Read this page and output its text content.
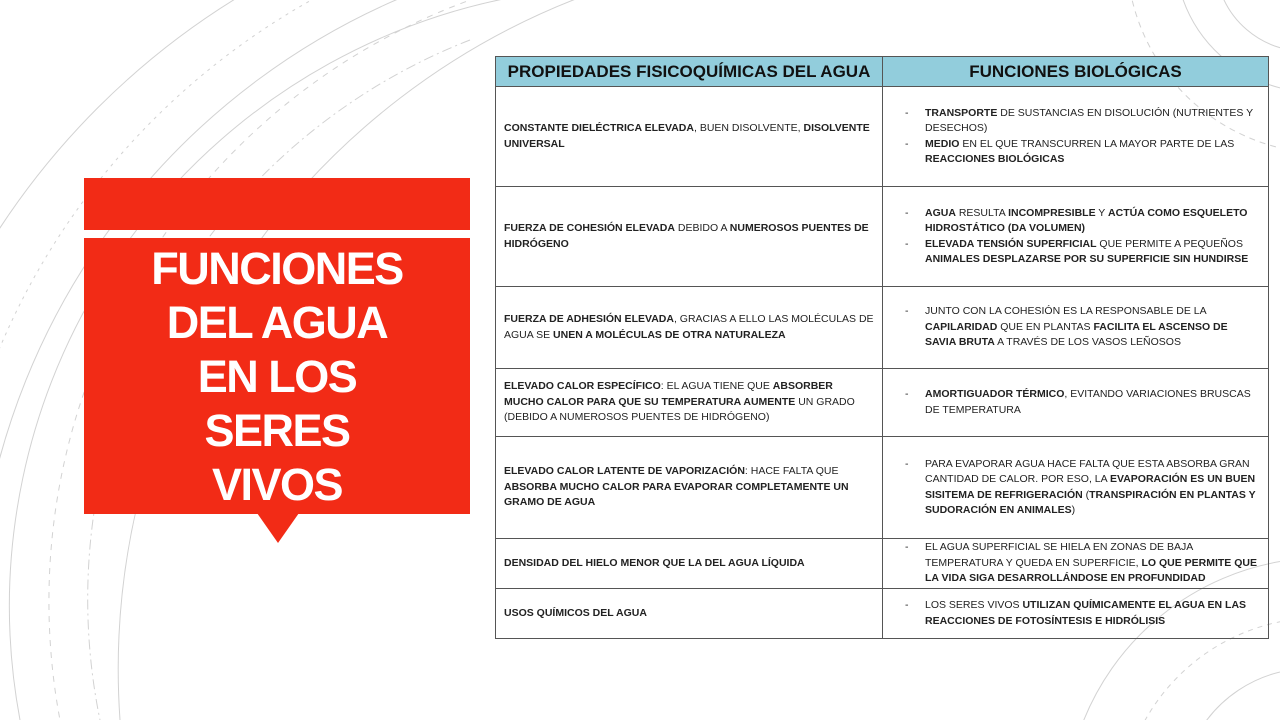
FUNCIONES
DEL AGUA
EN LOS
SERES
VIVOS
PROPIEDADES FISICOQUÍMICAS DEL AGUA	FUNCIONES BIOLÓGICAS

CONSTANTE DIELÉCTRICA ELEVADA, BUEN DISOLVENTE, DISOLVENTE UNIVERSAL	- TRANSPORTE DE SUSTANCIAS EN DISOLUCIÓN (NUTRIENTES Y DESECHOS)
- MEDIO EN EL QUE TRANSCURREN LA MAYOR PARTE DE LAS REACCIONES BIOLÓGICAS

FUERZA DE COHESIÓN ELEVADA DEBIDO A NUMEROSOS PUENTES DE HIDRÓGENO	- AGUA RESULTA INCOMPRESIBLE Y ACTÚA COMO ESQUELETO HIDROSTÁTICO (DA VOLUMEN)
- ELEVADA TENSIÓN SUPERFICIAL QUE PERMITE A PEQUEÑOS ANIMALES DESPLAZARSE POR SU SUPERFICIE SIN HUNDIRSE

FUERZA DE ADHESIÓN ELEVADA, GRACIAS A ELLO LAS MOLÉCULAS DE AGUA SE UNEN A MOLÉCULAS DE OTRA NATURALEZA	- JUNTO CON LA COHESIÓN ES LA RESPONSABLE DE LA CAPILARIDAD QUE EN PLANTAS FACILITA EL ASCENSO DE SAVIA BRUTA A TRAVÉS DE LOS VASOS LEÑOSOS

ELEVADO CALOR ESPECÍFICO: EL AGUA TIENE QUE ABSORBER MUCHO CALOR PARA QUE SU TEMPERATURA AUMENTE UN GRADO (DEBIDO A NUMEROSOS PUENTES DE HIDRÓGENO)	- AMORTIGUADOR TÉRMICO, EVITANDO VARIACIONES BRUSCAS DE TEMPERATURA

ELEVADO CALOR LATENTE DE VAPORIZACIÓN: HACE FALTA QUE ABSORBA MUCHO CALOR PARA EVAPORAR COMPLETAMENTE UN GRAMO DE AGUA	- PARA EVAPORAR AGUA HACE FALTA QUE ESTA ABSORBA GRAN CANTIDAD DE CALOR. POR ESO, LA EVAPORACIÓN ES UN BUEN SISITEMA DE REFRIGERACIÓN (TRANSPIRACIÓN EN PLANTAS Y SUDORACIÓN EN ANIMALES)

DENSIDAD DEL HIELO MENOR QUE LA DEL AGUA LÍQUIDA	- EL AGUA SUPERFICIAL SE HIELA EN ZONAS DE BAJA TEMPERATURA Y QUEDA EN SUPERFICIE, LO QUE PERMITE QUE LA VIDA SIGA DESARROLLÁNDOSE EN PROFUNDIDAD

USOS QUÍMICOS DEL AGUA	- LOS SERES VIVOS UTILIZAN QUÍMICAMENTE EL AGUA EN LAS REACCIONES DE FOTOSÍNTESIS E HIDRÓLISIS
